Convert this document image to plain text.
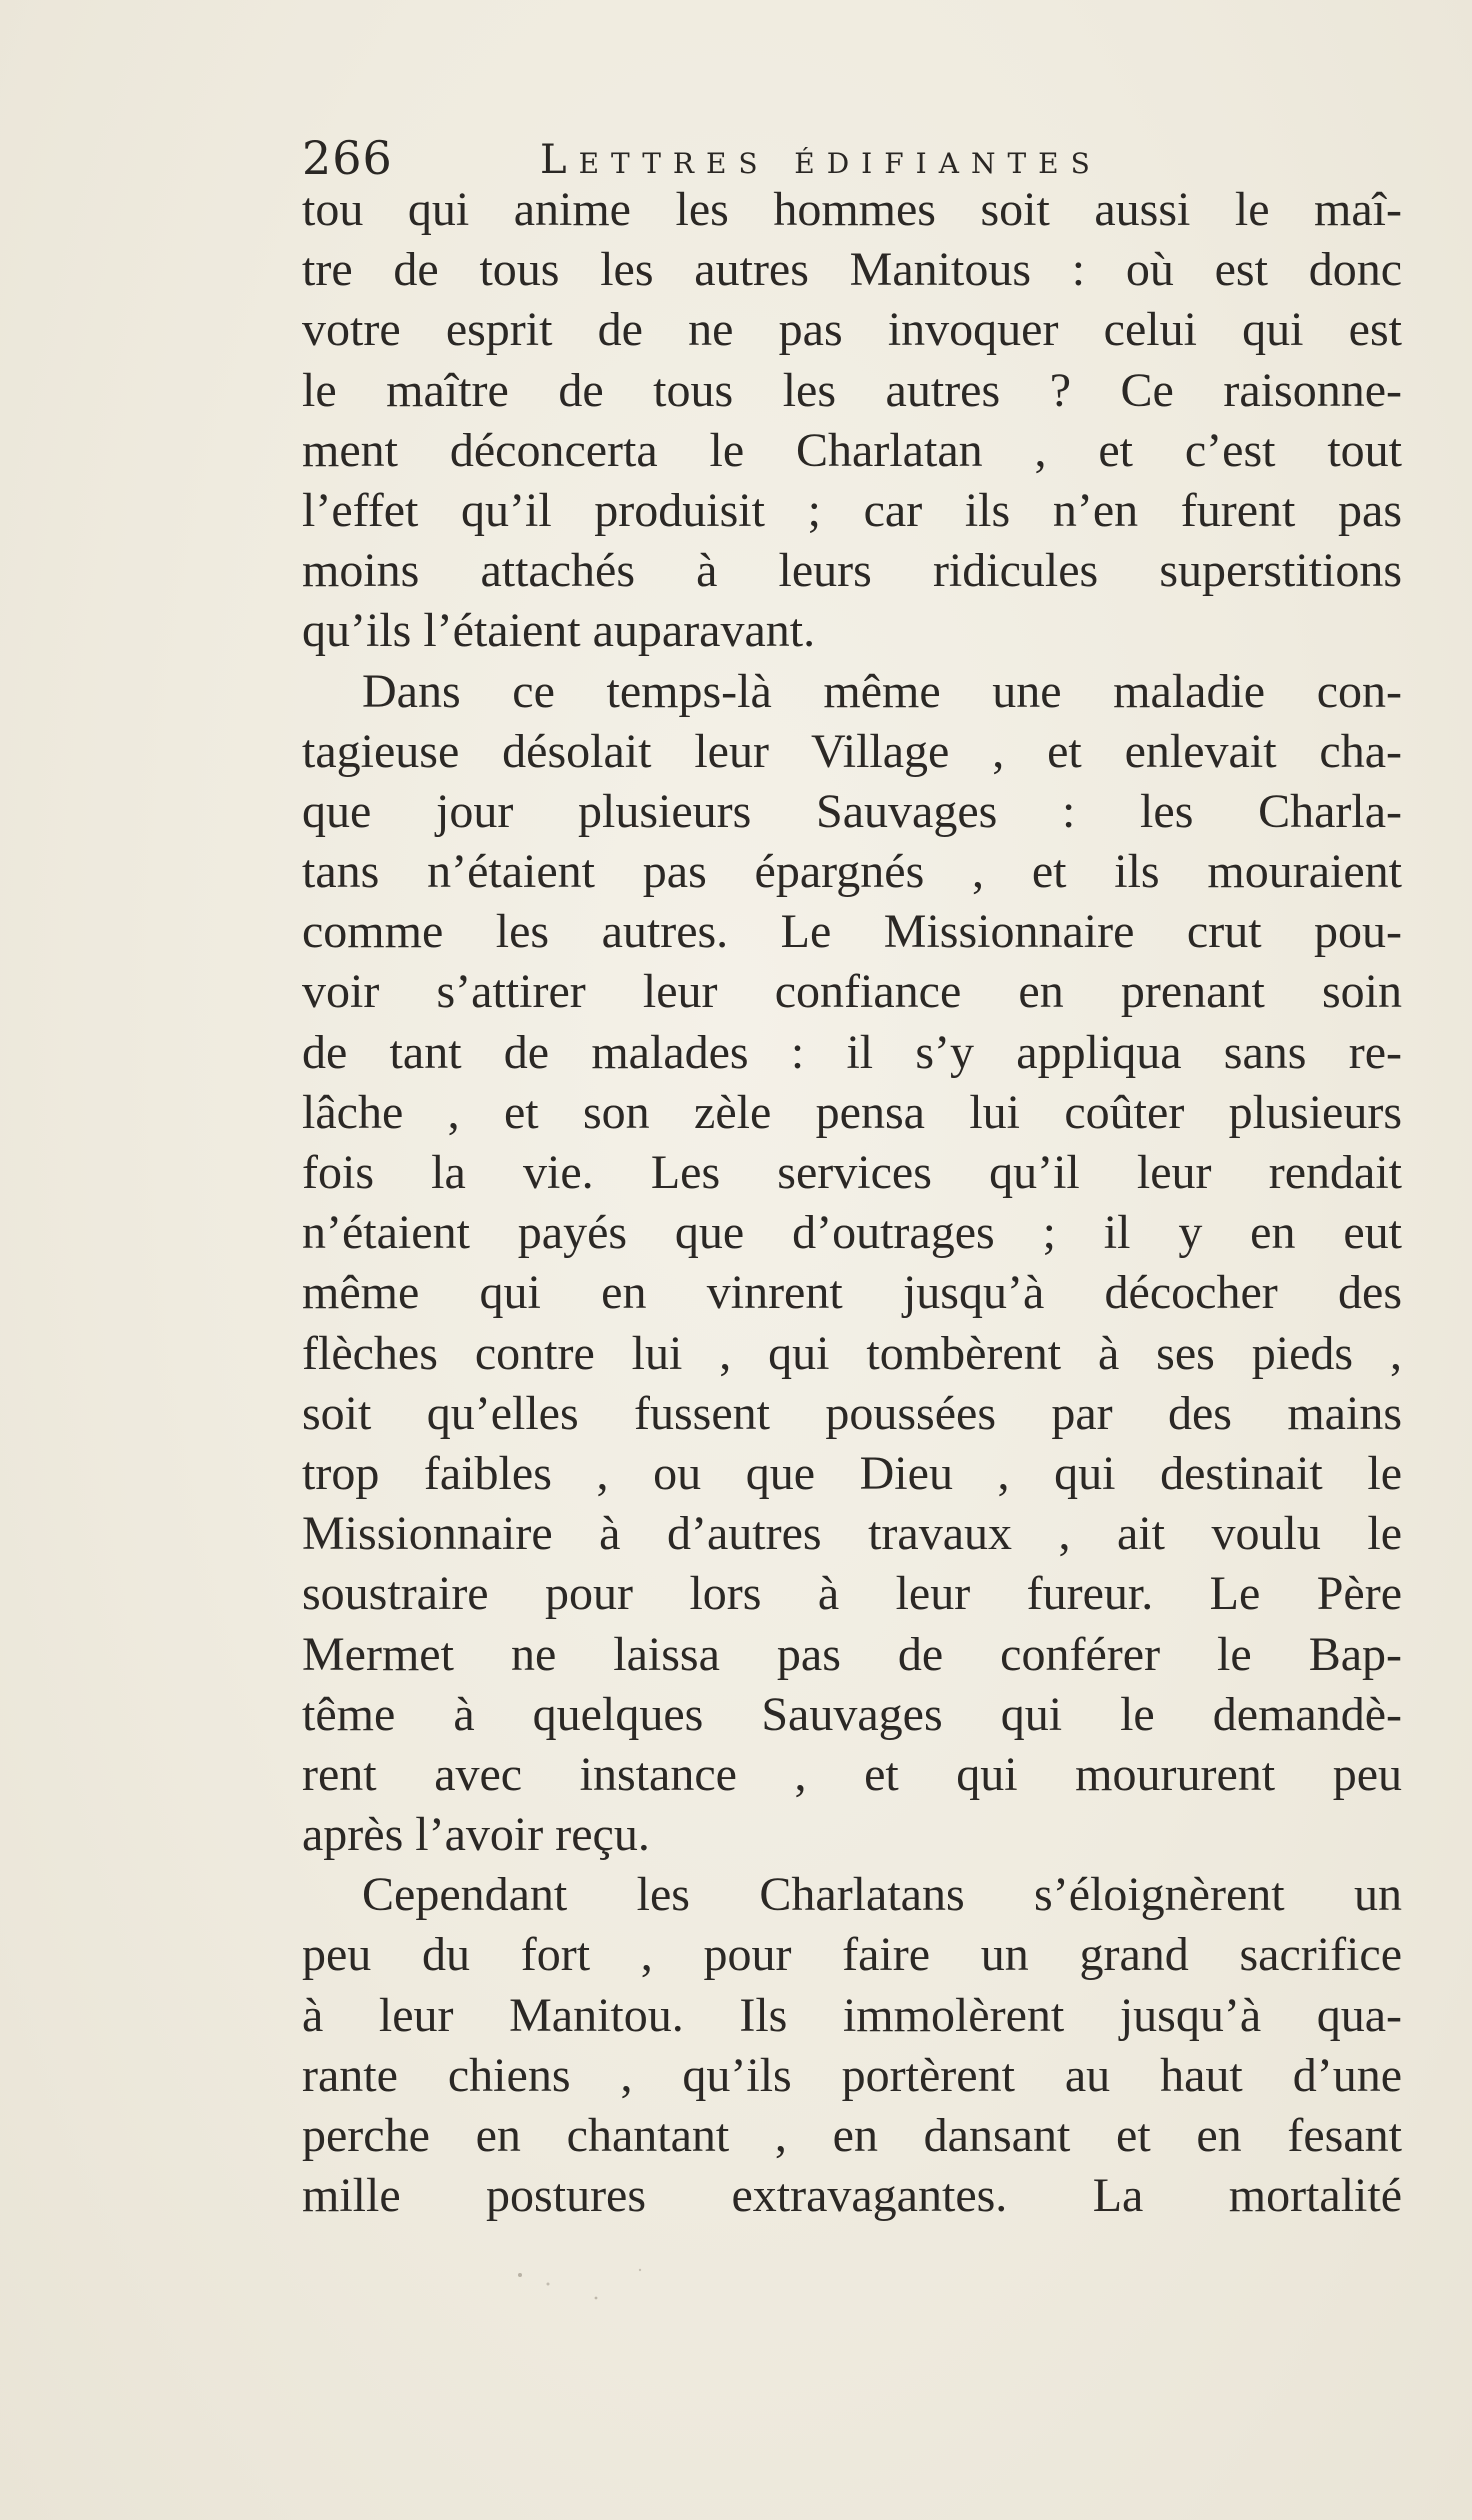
266	Lettres édifiantes
tou qui anime les hommes soit aussi le maî-
tre de tous les autres Manitous : où est donc
votre esprit de ne pas invoquer celui qui est
le maître de tous les autres ? Ce raisonne-
ment déconcerta le Charlatan , et c’est tout
l’effet qu’il produisit ; car ils n’en furent pas
moins attachés à leurs ridicules superstitions
qu’ils l’étaient auparavant.
Dans ce temps-là même une maladie con-
tagieuse désolait leur Village , et enlevait cha-
que jour plusieurs Sauvages : les Charla-
tans n’étaient pas épargnés , et ils mouraient
comme les autres. Le Missionnaire crut pou-
voir s’attirer leur confiance en prenant soin
de tant de malades : il s’y appliqua sans re-
lâche , et son zèle pensa lui coûter plusieurs
fois la vie. Les services qu’il leur rendait
n’étaient payés que d’outrages ; il y en eut
même qui en vinrent jusqu’à décocher des
flèches contre lui , qui tombèrent à ses pieds ,
soit qu’elles fussent poussées par des mains
trop faibles , ou que Dieu , qui destinait le
Missionnaire à d’autres travaux , ait voulu le
soustraire pour lors à leur fureur. Le Père
Mermet ne laissa pas de conférer le Bap-
tême à quelques Sauvages qui le demandè-
rent avec instance , et qui moururent peu
après l’avoir reçu.
Cependant les Charlatans s’éloignèrent un
peu du fort , pour faire un grand sacrifice
à leur Manitou. Ils immolèrent jusqu’à qua-
rante chiens , qu’ils portèrent au haut d’une
perche en chantant , en dansant et en fesant
mille postures extravagantes. La mortalité
